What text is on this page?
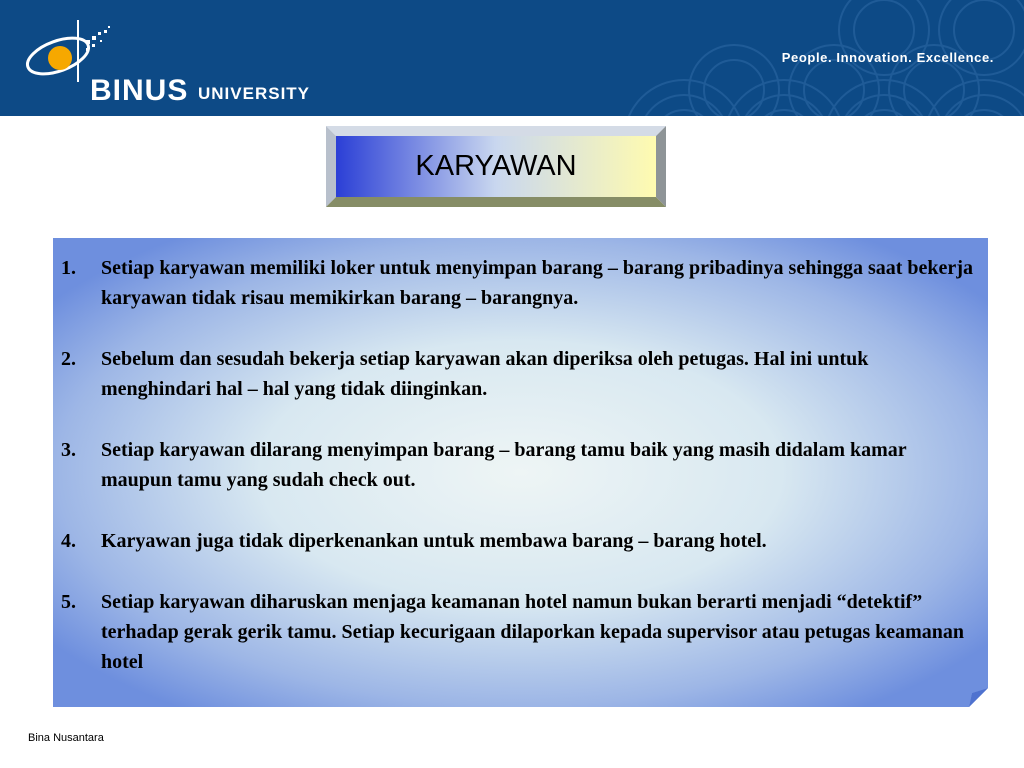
BINUS UNIVERSITY
People. Innovation. Excellence.
KARYAWAN
1. Setiap karyawan memiliki loker untuk menyimpan barang – barang pribadinya sehingga saat bekerja karyawan tidak risau memikirkan barang – barangnya.
2. Sebelum dan sesudah bekerja setiap karyawan akan diperiksa oleh petugas. Hal ini untuk menghindari hal – hal yang tidak diinginkan.
3. Setiap karyawan dilarang menyimpan barang – barang tamu baik yang masih didalam kamar maupun tamu yang sudah check out.
4. Karyawan juga tidak diperkenankan untuk membawa barang – barang hotel.
5. Setiap karyawan diharuskan menjaga keamanan hotel namun bukan berarti menjadi “detektif” terhadap gerak gerik tamu. Setiap kecurigaan dilaporkan kepada supervisor atau petugas keamanan hotel
Bina Nusantara
